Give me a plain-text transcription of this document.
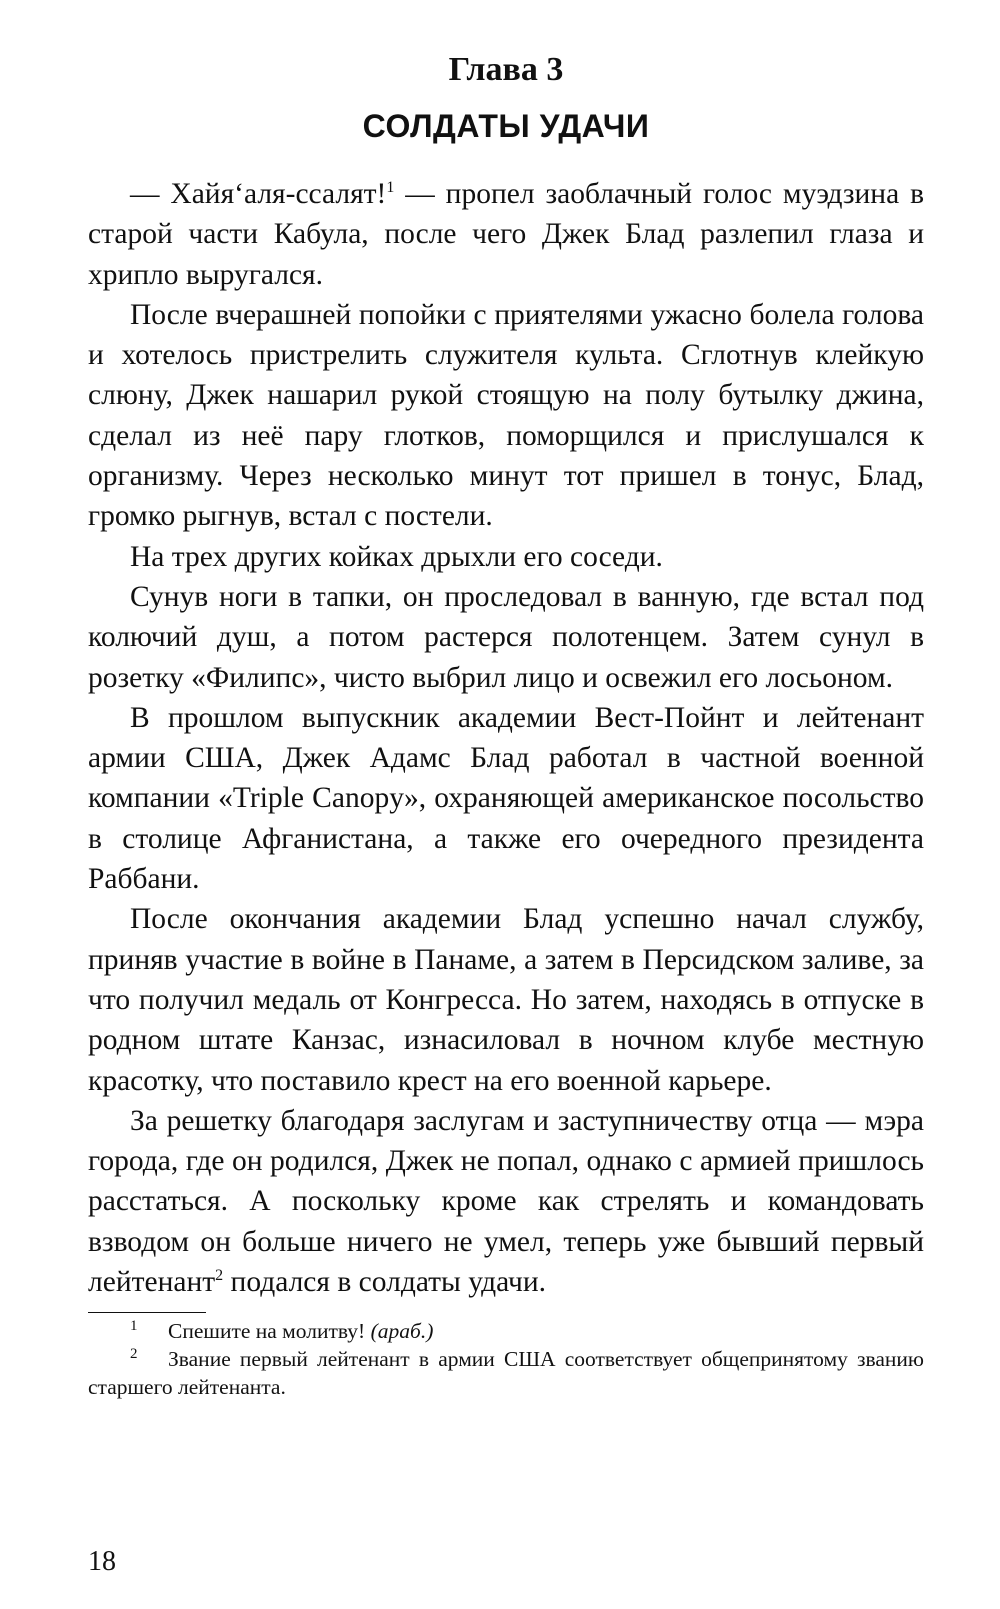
Глава 3
СОЛДАТЫ УДАЧИ

— Хайя‘аля-ссалят!$^1$ — пропел заоблачный голос муэдзина в старой части Кабула, после чего Джек Блад разлепил глаза и хрипло выругался.

После вчерашней попойки с приятелями ужасно болела голова и хотелось пристрелить служителя культа. Сглотнув клейкую слюну, Джек нашарил рукой стоящую на полу бутылку джина, сделал из неё пару глотков, поморщился и прислушался к организму. Через несколько минут тот пришел в тонус, Блад, громко рыгнув, встал с постели.

На трех других койках дрыхли его соседи.

Сунув ноги в тапки, он проследовал в ванную, где встал под колючий душ, а потом растерся полотенцем. Затем сунул в розетку «Филипс», чисто выбрил лицо и освежил его лосьоном.

В прошлом выпускник академии Вест-Пойнт и лейтенант армии США, Джек Адамс Блад работал в частной военной компании «Triple Canopy», охраняющей американское посольство в столице Афганистана, а также его очередного президента Раббани.

После окончания академии Блад успешно начал службу, приняв участие в войне в Панаме, а затем в Персидском заливе, за что получил медаль от Конгресса. Но затем, находясь в отпуске в родном штате Канзас, изнасиловал в ночном клубе местную красотку, что поставило крест на его военной карьере.

За решетку благодаря заслугам и заступничеству отца — мэра города, где он родился, Джек не попал, однако с армией пришлось расстаться. А поскольку кроме как стрелять и командовать взводом он больше ничего не умел, теперь уже бывший первый лейтенант$^2$ подался в солдаты удачи.

1 Спешите на молитву! (араб.)

2 Звание первый лейтенант в армии США соответствует общепринятому званию старшего лейтенанта.

18
